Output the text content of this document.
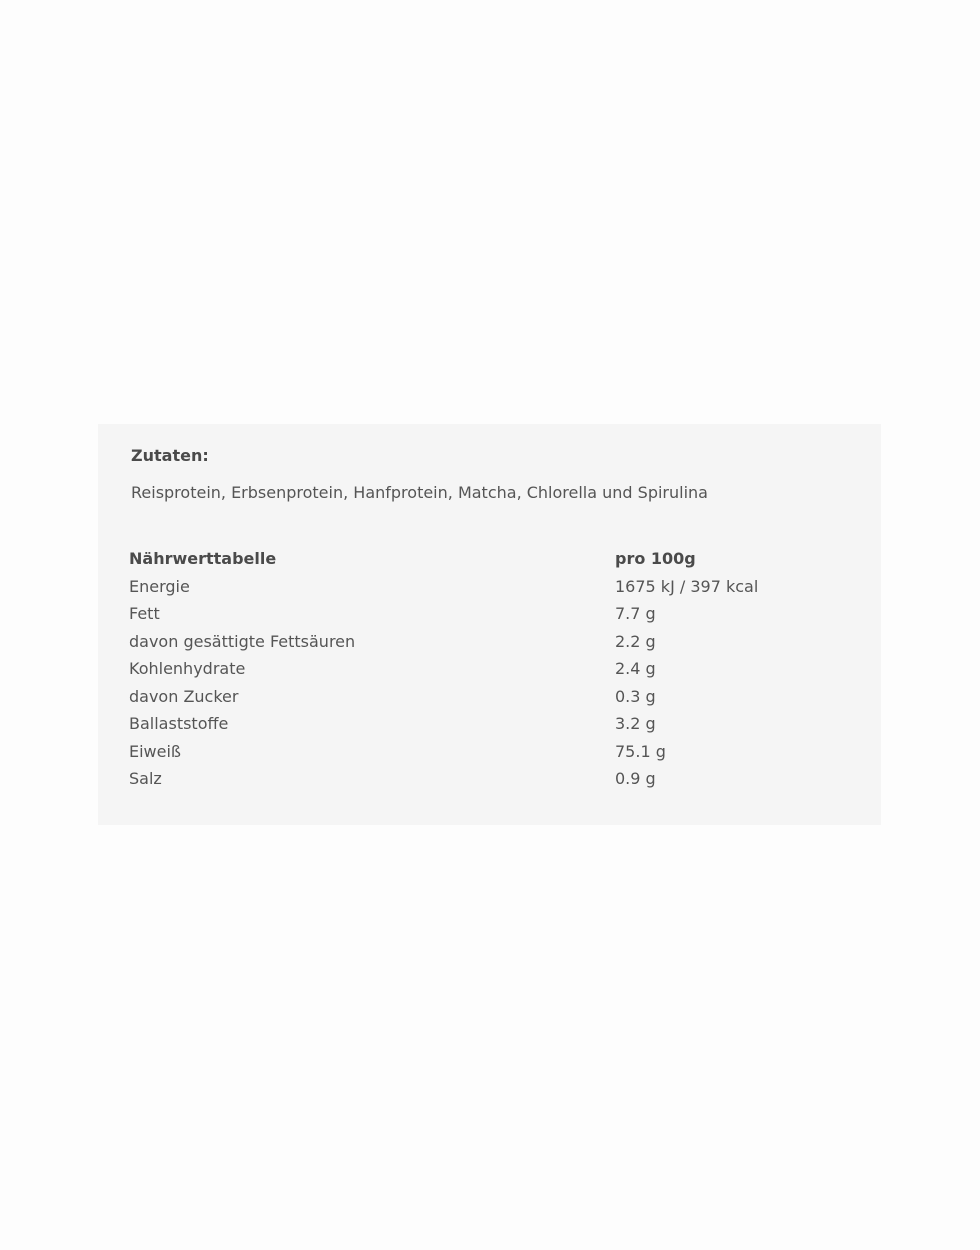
Zutaten:
Reisprotein, Erbsenprotein, Hanfprotein, Matcha, Chlorella und Spirulina
Nährwerttabelle	pro 100g
Energie	1675 kJ / 397 kcal
Fett	7.7 g
davon gesättigte Fettsäuren	2.2 g
Kohlenhydrate	2.4 g
davon Zucker	0.3 g
Ballaststoffe	3.2 g
Eiweiß	75.1 g
Salz	0.9 g
